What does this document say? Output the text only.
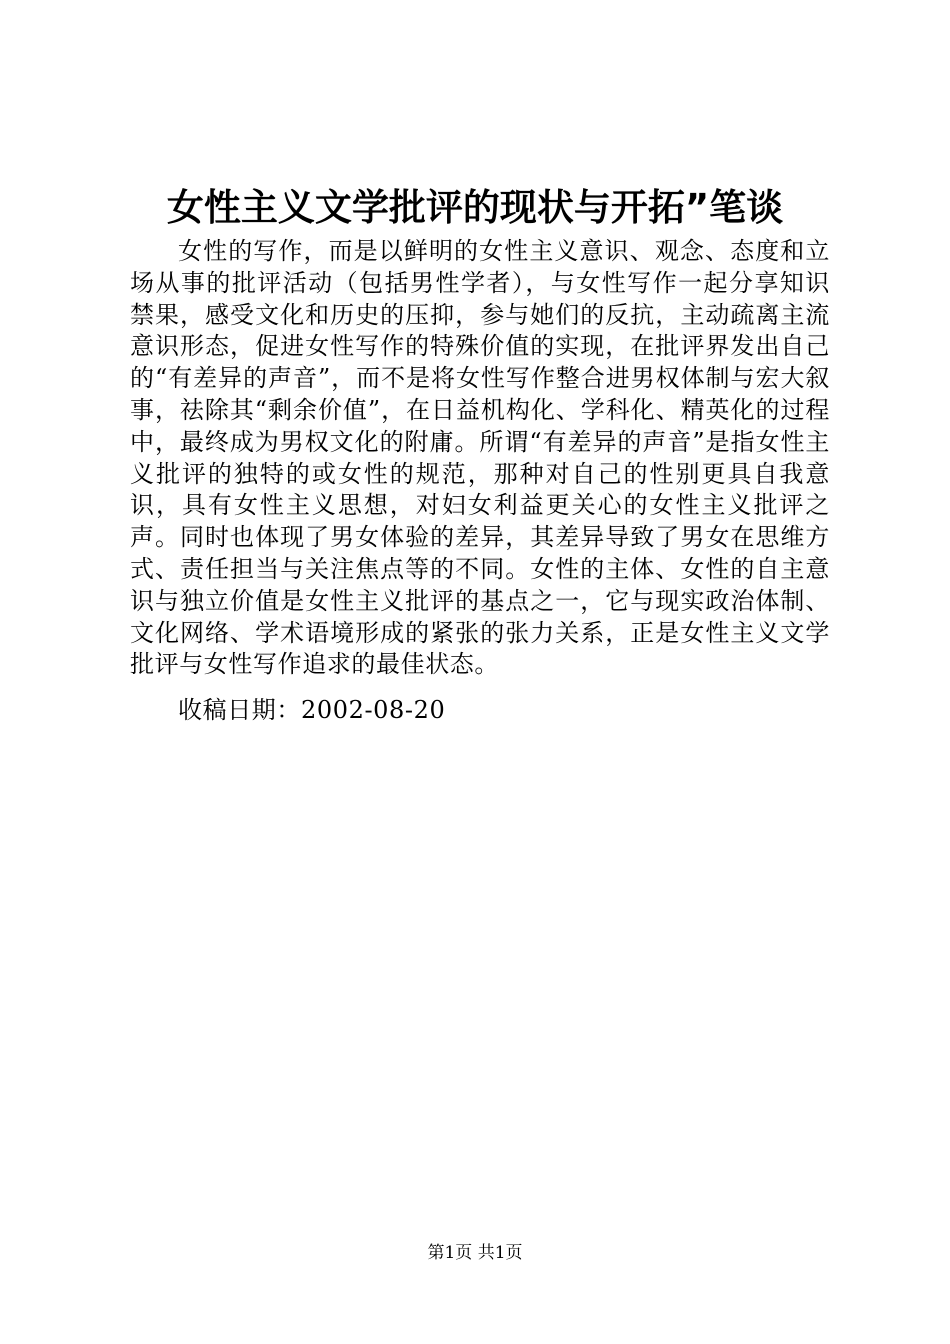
女性主义文学批评的现状与开拓”笔谈

女性的写作，而是以鲜明的女性主义意识、观念、态度和立场从事的批评活动（包括男性学者），与女性写作一起分享知识禁果，感受文化和历史的压抑，参与她们的反抗，主动疏离主流意识形态，促进女性写作的特殊价值的实现，在批评界发出自己的“有差异的声音”，而不是将女性写作整合进男权体制与宏大叙事，祛除其“剩余价值”，在日益机构化、学科化、精英化的过程中，最终成为男权文化的附庸。所谓“有差异的声音”是指女性主义批评的独特的或女性的规范，那种对自己的性别更具自我意识，具有女性主义思想，对妇女利益更关心的女性主义批评之声。同时也体现了男女体验的差异，其差异导致了男女在思维方式、责任担当与关注焦点等的不同。女性的主体、女性的自主意识与独立价值是女性主义批评的基点之一，它与现实政治体制、文化网络、学术语境形成的紧张的张力关系，正是女性主义文学批评与女性写作追求的最佳状态。

收稿日期：2002-08-20

第1页 共1页
